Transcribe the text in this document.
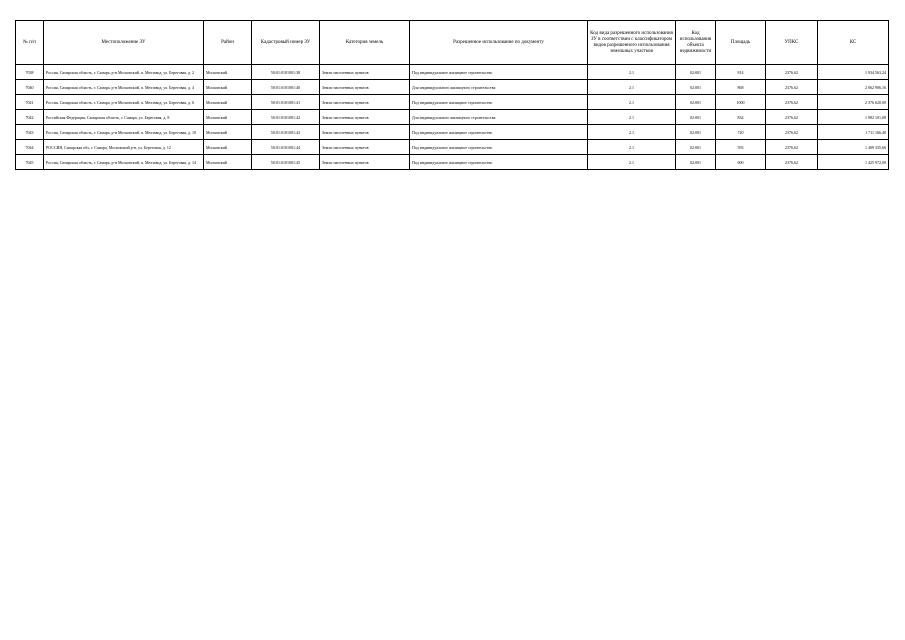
№ п/п	Местоположение ЗУ	Район	Кадастровый номер ЗУ	Категория земель	Разрешенное использование по документу	Код вида разрешенного использования ЗУ в соответствии с классификатором видов разрешенного использования земельных участков	Код использования объекта недвижимости	Площадь	УПКС	КС
7038	Россия, Самарская область, г. Самара, р-н Московский, п. Мехзавод, ул. Береговая, д. 2	Московский	50:01:0101001:38	Земли населенных пунктов	Под индивидуальное жилищное строительство	2.1	02:001	814	2376,62	1 934 563,24
7040	Россия, Самарская область, г. Самара, р-н Московский, п. Мехзавод, ул. Береговая, д. 4	Московский	50:01:0101001:40	Земли населенных пунктов	Для индивидуального жилищного строительства	2.1	02:001	868	2376,62	2 062 906,16
7041	Россия, Самарская область, г. Самара, р-н Московский, п. Мехзавод, ул. Береговая, д. 6	Московский	50:01:0101001:41	Земли населенных пунктов	Под индивидуальное жилищное строительство	2.1	02:001	1000	2376,62	2 376 620,00
7042	Российская Федерация, Самарская область, г. Самара, ул. Береговая, д. 8	Московский	50:01:0101001:42	Земли населенных пунктов	Для индивидуального жилищного строительства	2.1	02:001	834	2376,62	1 982 101,08
7043	Россия, Самарская область, г. Самара, р-н Московский, п. Мехзавод, ул. Береговая, д. 10	Московский	50:01:0101001:43	Земли населенных пунктов	Под индивидуальное жилищное строительство	2.1	02:001	720	2376,62	1 711 166,40
7044	РОССИЯ, Самарская обл, г. Самара, Московский р-н, ул. Береговая, д. 12	Московский	50:01:0101001:44	Земли населенных пунктов	Под индивидуальное жилищное строительство	2.1	02:001	593	2376,62	1 409 335,66
7045	Россия, Самарская область, г. Самара, р-н Московский, п. Мехзавод, ул. Береговая, д. 14	Московский	50:01:0101001:45	Земли населенных пунктов	Под индивидуальное жилищное строительство	2.1	02:001	600	2376,62	1 425 972,00
